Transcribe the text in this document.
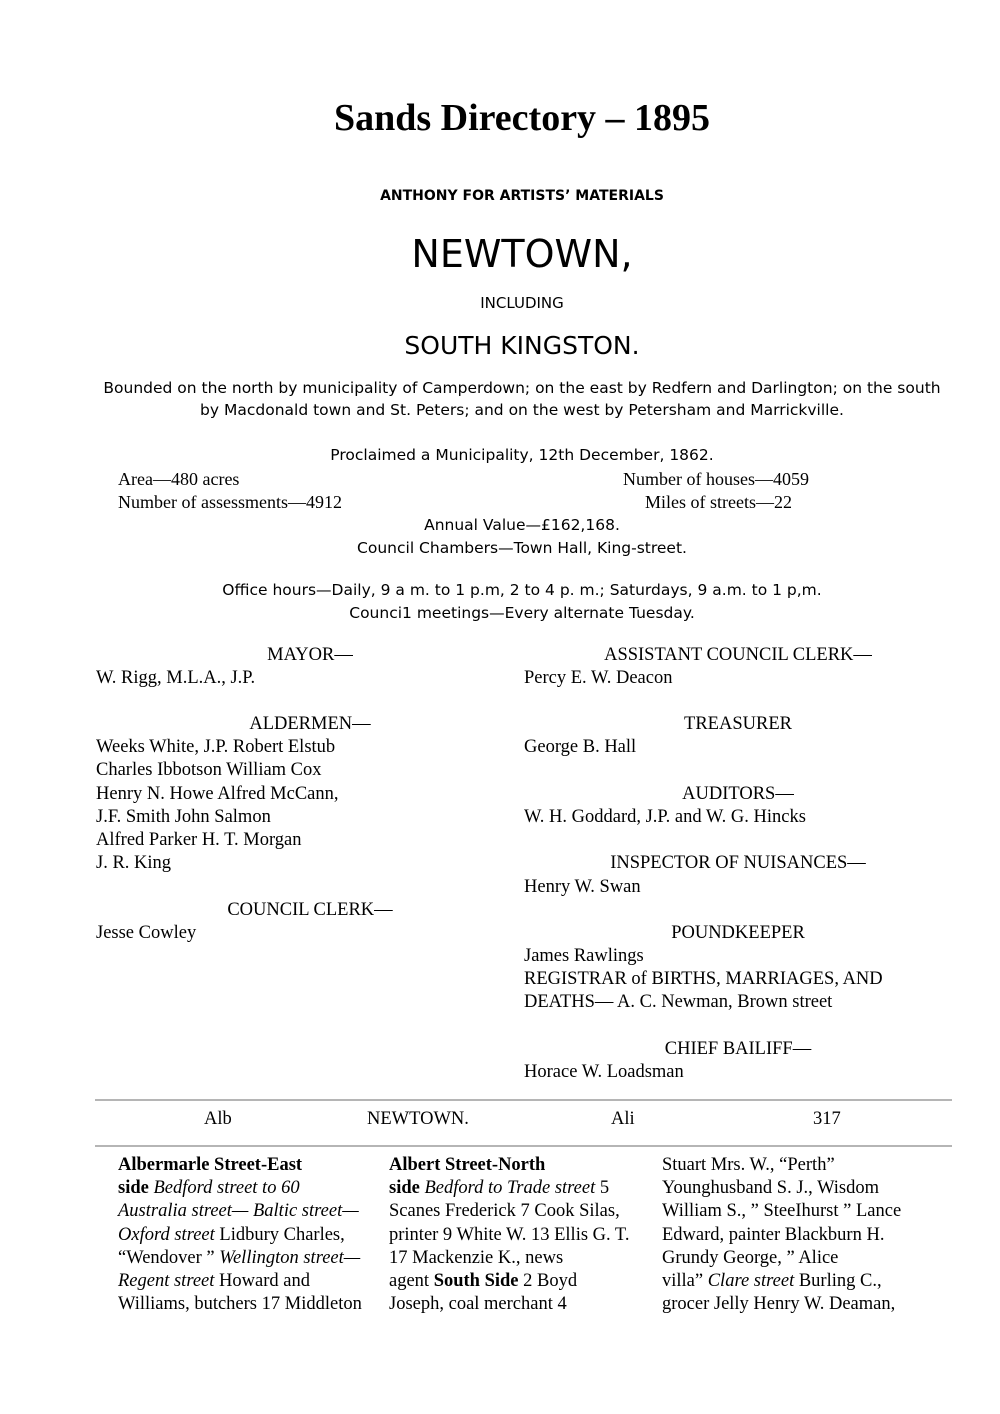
Sands Directory – 1895
ANTHONY FOR ARTISTS’ MATERIALS
NEWTOWN,
INCLUDING
SOUTH KINGSTON.
Bounded on the north by municipality of Camperdown; on the east by Redfern and Darlington; on the south
by Macdonald town and St. Peters; and on the west by Petersham and Marrickville.
Proclaimed a Municipality, 12th December, 1862.
Area—480 acres	Number of houses—4059
Number of assessments—4912	Miles of streets—22
Annual Value—£162,168.
Council Chambers—Town Hall, King-street.
Office hours—Daily, 9 a m. to 1 p.m, 2 to 4 p. m.; Saturdays, 9 a.m. to 1 p,m.
Counci1 meetings—Every alternate Tuesday.
MAYOR—
W. Rigg, M.L.A., J.P.
ALDERMEN—
Weeks White, J.P. Robert Elstub
Charles Ibbotson William Cox
Henry N. Howe Alfred McCann,
J.F. Smith John Salmon
Alfred Parker H. T. Morgan
J. R. King
COUNCIL CLERK—
Jesse Cowley
ASSISTANT COUNCIL CLERK—
Percy E. W. Deacon
TREASURER
George B. Hall
AUDITORS—
W. H. Goddard, J.P. and W. G. Hincks
INSPECTOR OF NUISANCES—
Henry W. Swan
POUNDKEEPER
James Rawlings
REGISTRAR of BIRTHS, MARRIAGES, AND
DEATHS— A. C. Newman, Brown street
CHIEF BAILIFF—
Horace W. Loadsman
Alb	NEWTOWN.	Ali	317
Albermarle Street-East
side Bedford street to 60
Australia street— Baltic street—
Oxford street Lidbury Charles,
“Wendover ” Wellington street—
Regent street Howard and
Williams, butchers 17 Middleton
Albert Street-North
side Bedford to Trade street 5
Scanes Frederick 7 Cook Silas,
printer 9 White W. 13 Ellis G. T.
17 Mackenzie K., news
agent South Side 2 Boyd
Joseph, coal merchant 4
Stuart Mrs. W., “Perth”
Younghusband S. J., Wisdom
William S., ” SteeIhurst ” Lance
Edward, painter Blackburn H.
Grundy George, ” Alice
villa” Clare street Burling C.,
grocer Jelly Henry W. Deaman,
